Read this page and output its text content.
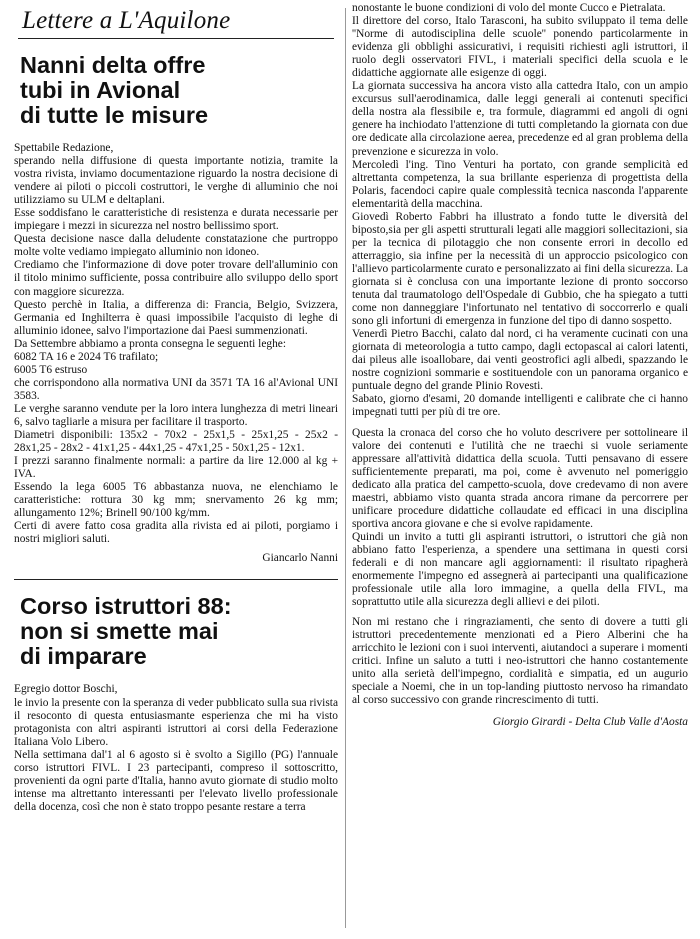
Lettere a L'Aquilone
Nanni delta offre
tubi in Avional
di tutte le misure

Spettabile Redazione,

sperando nella diffusione di questa importante notizia, tramite la vostra rivista, inviamo documentazione riguardo la nostra decisione di vendere ai piloti o piccoli costruttori, le verghe di alluminio che noi utilizziamo su ULM e deltaplani.

Esse soddisfano le caratteristiche di resistenza e durata necessarie per impiegare i mezzi in sicurezza nel nostro bellissimo sport.

Questa decisione nasce dalla deludente constatazione che purtroppo molte volte vediamo impiegato alluminio non idoneo.

Crediamo che l'informazione di dove poter trovare dell'alluminio con il titolo minimo sufficiente, possa contribuire allo sviluppo dello sport con maggiore sicurezza.

Questo perchè in Italia, a differenza di: Francia, Belgio, Svizzera, Germania ed Inghilterra è quasi impossibile l'acquisto di leghe di alluminio idonee, salvo l'importazione dai Paesi summenzionati.

Da Settembre abbiamo a pronta consegna le seguenti leghe:

6082 TA 16 e 2024 T6 trafilato;

6005 T6 estruso

che corrispondono alla normativa UNI da 3571 TA 16 al'Avional UNI 3583.

Le verghe saranno vendute per la loro intera lunghezza di metri lineari 6, salvo tagliarle a misura per facilitare il trasporto.

Diametri disponibili: 135x2 - 70x2 - 25x1,5 - 25x1,25 - 25x2 - 28x1,25 - 28x2 - 41x1,25 - 44x1,25 - 47x1,25 - 50x1,25 - 12x1.

I prezzi saranno finalmente normali: a partire da lire 12.000 al kg + IVA.

Essendo la lega 6005 T6 abbastanza nuova, ne elenchiamo le caratteristiche: rottura 30 kg mm; snervamento 26 kg mm; allungamento 12%; Brinell 90/100 kg/mm.

Certi di avere fatto cosa gradita alla rivista ed ai piloti, porgiamo i nostri migliori saluti.

Giancarlo Nanni
Corso istruttori 88:
non si smette mai
di imparare

Egregio dottor Boschi,

le invio la presente con la speranza di veder pubblicato sulla sua rivista il resoconto di questa entusiasmante esperienza che mi ha visto protagonista con altri aspiranti istruttori ai corsi della Federazione Italiana Volo Libero.

Nella settimana dal'1 al 6 agosto si è svolto a Sigillo (PG) l'annuale corso istruttori FIVL. I 23 partecipanti, compreso il sottoscritto, provenienti da ogni parte d'Italia, hanno avuto giornate di studio molto intense ma altrettanto interessanti per l'elevato livello professionale della docenza, così che non è stato troppo pesante restare a terra

nonostante le buone condizioni di volo del monte Cucco e Pietralata.

Il direttore del corso, Italo Tarasconi, ha subito sviluppato il tema delle ''Norme di autodisciplina delle scuole'' ponendo particolarmente in evidenza gli obblighi assicurativi, i requisiti richiesti agli istruttori, il ruolo degli osservatori FIVL, i materiali specifici della scuola e le didattiche aggiornate alle esigenze di oggi.

La giornata successiva ha ancora visto alla cattedra Italo, con un ampio excursus sull'aerodinamica, dalle leggi generali ai contenuti specifici della nostra ala flessibile e, tra formule, diagrammi ed angoli di ogni genere ha inchiodato l'attenzione di tutti completando la giornata con due ore dedicate alla circolazione aerea, precedenze ed al gran problema della prevenzione e sicurezza in volo.

Mercoledì l'ing. Tino Venturi ha portato, con grande semplicità ed altrettanta competenza, la sua brillante esperienza di progettista della Polaris, facendoci capire quale complessità tecnica nasconda l'apparente elementarità della macchina.

Giovedì Roberto Fabbri ha illustrato a fondo tutte le diversità del biposto,sia per gli aspetti strutturali legati alle maggiori sollecitazioni, sia per la tecnica di pilotaggio che non consente errori in decollo ed atterraggio, sia infine per la necessità di un approccio psicologico con l'allievo particolarmente curato e personalizzato ai fini della sicurezza. La giornata si è conclusa con una importante lezione di pronto soccorso tenuta dal traumatologo dell'Ospedale di Gubbio, che ha spiegato a tutti come non danneggiare l'infortunato nel tentativo di soccorrerlo e quali sono gli infortuni di emergenza in funzione del tipo di danno sospetto.

Venerdì Pietro Bacchi, calato dal nord, ci ha veramente cucinati con una giornata di meteorologia a tutto campo, dagli ectopascal ai calori latenti, dai pileus alle isoallobare, dai venti geostrofici agli albedi, spazzando le nostre cognizioni sommarie e sostituendole con un panorama organico e puntuale degno del grande Plinio Rovesti.

Sabato, giorno d'esami, 20 domande intelligenti e calibrate che ci hanno impegnati tutti per più di tre ore.

Questa la cronaca del corso che ho voluto descrivere per sottolineare il valore dei contenuti e l'utilità che ne traechi si vuole seriamente appressare all'attività didattica della scuola. Tutti pensavano di essere sufficientemente preparati, ma poi, come è avvenuto nel pomeriggio dedicato alla pratica del campetto-scuola, dove credevamo di non avere maestri, abbiamo visto quanta strada ancora rimane da percorrere per unificare procedure didattiche collaudate ed efficaci in una disciplina sportiva ancora giovane e che si evolve rapidamente.

Quindi un invito a tutti gli aspiranti istruttori, o istruttori che già non abbiano fatto l'esperienza, a spendere una settimana in questi corsi federali e di non mancare agli aggiornamenti: il risultato ripagherà enormemente l'impegno ed assegnerà ai partecipanti una qualificazione professionale utile alla loro immagine, a quella della FIVL, ma soprattutto utile alla sicurezza degli allievi e dei piloti.

Non mi restano che i ringraziamenti, che sento di dovere a tutti gli istruttori precedentemente menzionati ed a Piero Alberini che ha arricchito le lezioni con i suoi interventi, aiutandoci a superare i momenti critici. Infine un saluto a tutti i neo-istruttori che hanno costantemente unito alla serietà dell'impegno, cordialità e simpatia, ed un augurio speciale a Noemi, che in un top-landing piuttosto nervoso ha rimandato al corso successivo con grande rincrescimento di tutti.

Giorgio Girardi - Delta Club Valle d'Aosta
